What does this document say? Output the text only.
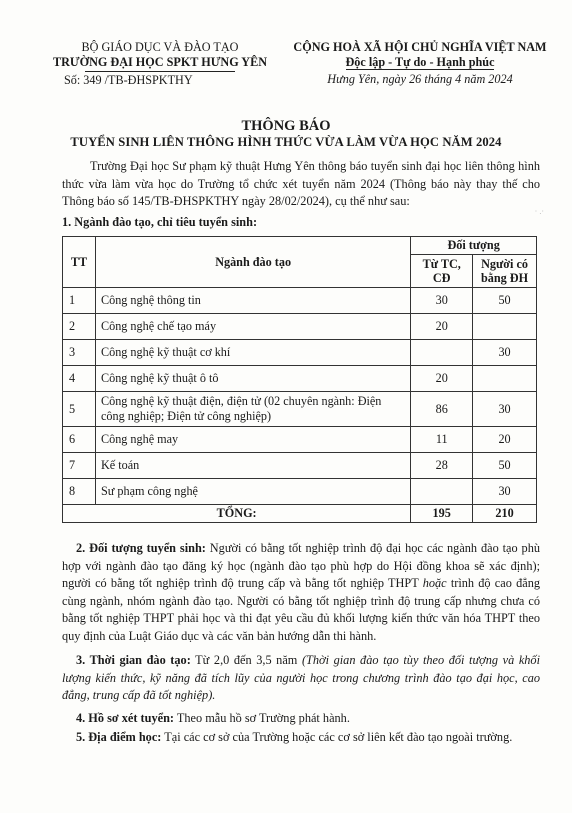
BỘ GIÁO DỤC VÀ ĐÀO TẠO
TRƯỜNG ĐẠI HỌC SPKT HƯNG YÊN
Số: 349 /TB-ĐHSPKTHY
CỘNG HOÀ XÃ HỘI CHỦ NGHĨA VIỆT NAM
Độc lập - Tự do - Hạnh phúc
Hưng Yên, ngày 26 tháng 4 năm 2024
THÔNG BÁO
TUYỂN SINH LIÊN THÔNG HÌNH THỨC VỪA LÀM VỪA HỌC NĂM 2024
Trường Đại học Sư phạm kỹ thuật Hưng Yên thông báo tuyển sinh đại học liên thông hình thức vừa làm vừa học do Trường tổ chức xét tuyển năm 2024 (Thông báo này thay thế cho Thông báo số 145/TB-ĐHSPKTHY ngày 28/02/2024), cụ thể như sau:
· .·
1. Ngành đào tạo, chỉ tiêu tuyển sinh:
TT	Ngành đào tạo	Đối tượng	
		Từ TC, CĐ	Người có bằng ĐH
1	Công nghệ thông tin	30	50
2	Công nghệ chế tạo máy	20	
3	Công nghệ kỹ thuật cơ khí		30
4	Công nghệ kỹ thuật ô tô	20	
5	Công nghệ kỹ thuật điện, điện tử (02 chuyên ngành: Điện công nghiệp; Điện tử công nghiệp)	86	30
6	Công nghệ may	11	20
7	Kế toán	28	50
8	Sư phạm công nghệ		30
TỔNG:		195	210
2. Đối tượng tuyển sinh: Người có bằng tốt nghiệp trình độ đại học các ngành đào tạo phù hợp với ngành đào tạo đăng ký học (ngành đào tạo phù hợp do Hội đồng khoa sẽ xác định); người có bằng tốt nghiệp trình độ trung cấp và bằng tốt nghiệp THPT hoặc trình độ cao đẳng cùng ngành, nhóm ngành đào tạo. Người có bằng tốt nghiệp trình độ trung cấp nhưng chưa có bằng tốt nghiệp THPT phải học và thi đạt yêu cầu đủ khối lượng kiến thức văn hóa THPT theo quy định của Luật Giáo dục và các văn bản hướng dẫn thi hành.
3. Thời gian đào tạo: Từ 2,0 đến 3,5 năm (Thời gian đào tạo tùy theo đối tượng và khối lượng kiến thức, kỹ năng đã tích lũy của người học trong chương trình đào tạo đại học, cao đẳng, trung cấp đã tốt nghiệp).
4. Hồ sơ xét tuyển: Theo mẫu hồ sơ Trường phát hành.
5. Địa điểm học: Tại các cơ sở của Trường hoặc các cơ sở liên kết đào tạo ngoài trường.
